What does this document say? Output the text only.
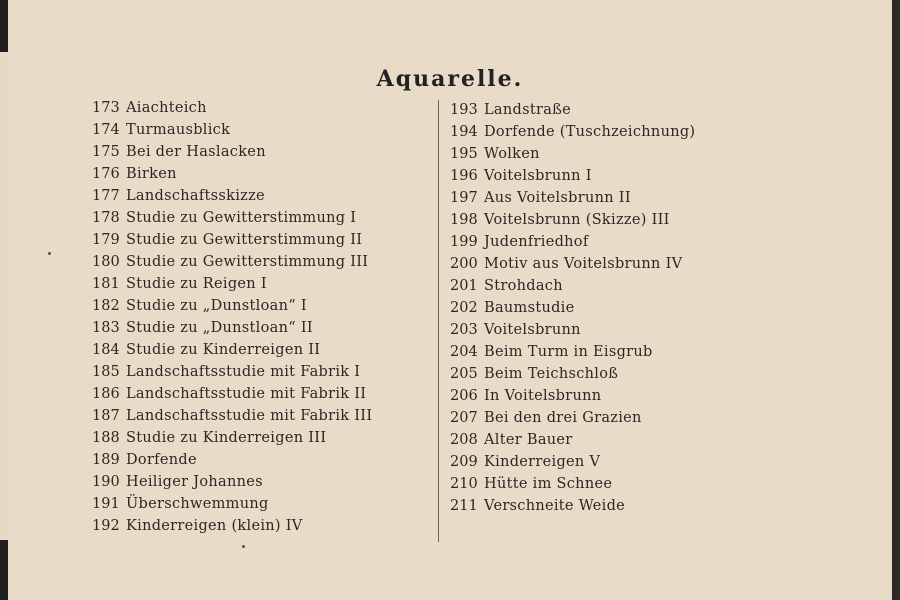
Aquarelle.
173 Aiachteich
174 Turmausblick
175 Bei der Haslacken
176 Birken
177 Landschaftsskizze
178 Studie zu Gewitterstimmung I
179 Studie zu Gewitterstimmung II
180 Studie zu Gewitterstimmung III
181 Studie zu Reigen I
182 Studie zu „Dunstloan“ I
183 Studie zu „Dunstloan“ II
184 Studie zu Kinderreigen II
185 Landschaftsstudie mit Fabrik I
186 Landschaftsstudie mit Fabrik II
187 Landschaftsstudie mit Fabrik III
188 Studie zu Kinderreigen III
189 Dorfende
190 Heiliger Johannes
191 Überschwemmung
192 Kinderreigen (klein) IV
193 Landstraße
194 Dorfende (Tuschzeichnung)
195 Wolken
196 Voitelsbrunn I
197 Aus Voitelsbrunn II
198 Voitelsbrunn (Skizze) III
199 Judenfriedhof
200 Motiv aus Voitelsbrunn IV
201 Strohdach
202 Baumstudie
203 Voitelsbrunn
204 Beim Turm in Eisgrub
205 Beim Teichschloß
206 In Voitelsbrunn
207 Bei den drei Grazien
208 Alter Bauer
209 Kinderreigen V
210 Hütte im Schnee
211 Verschneite Weide
